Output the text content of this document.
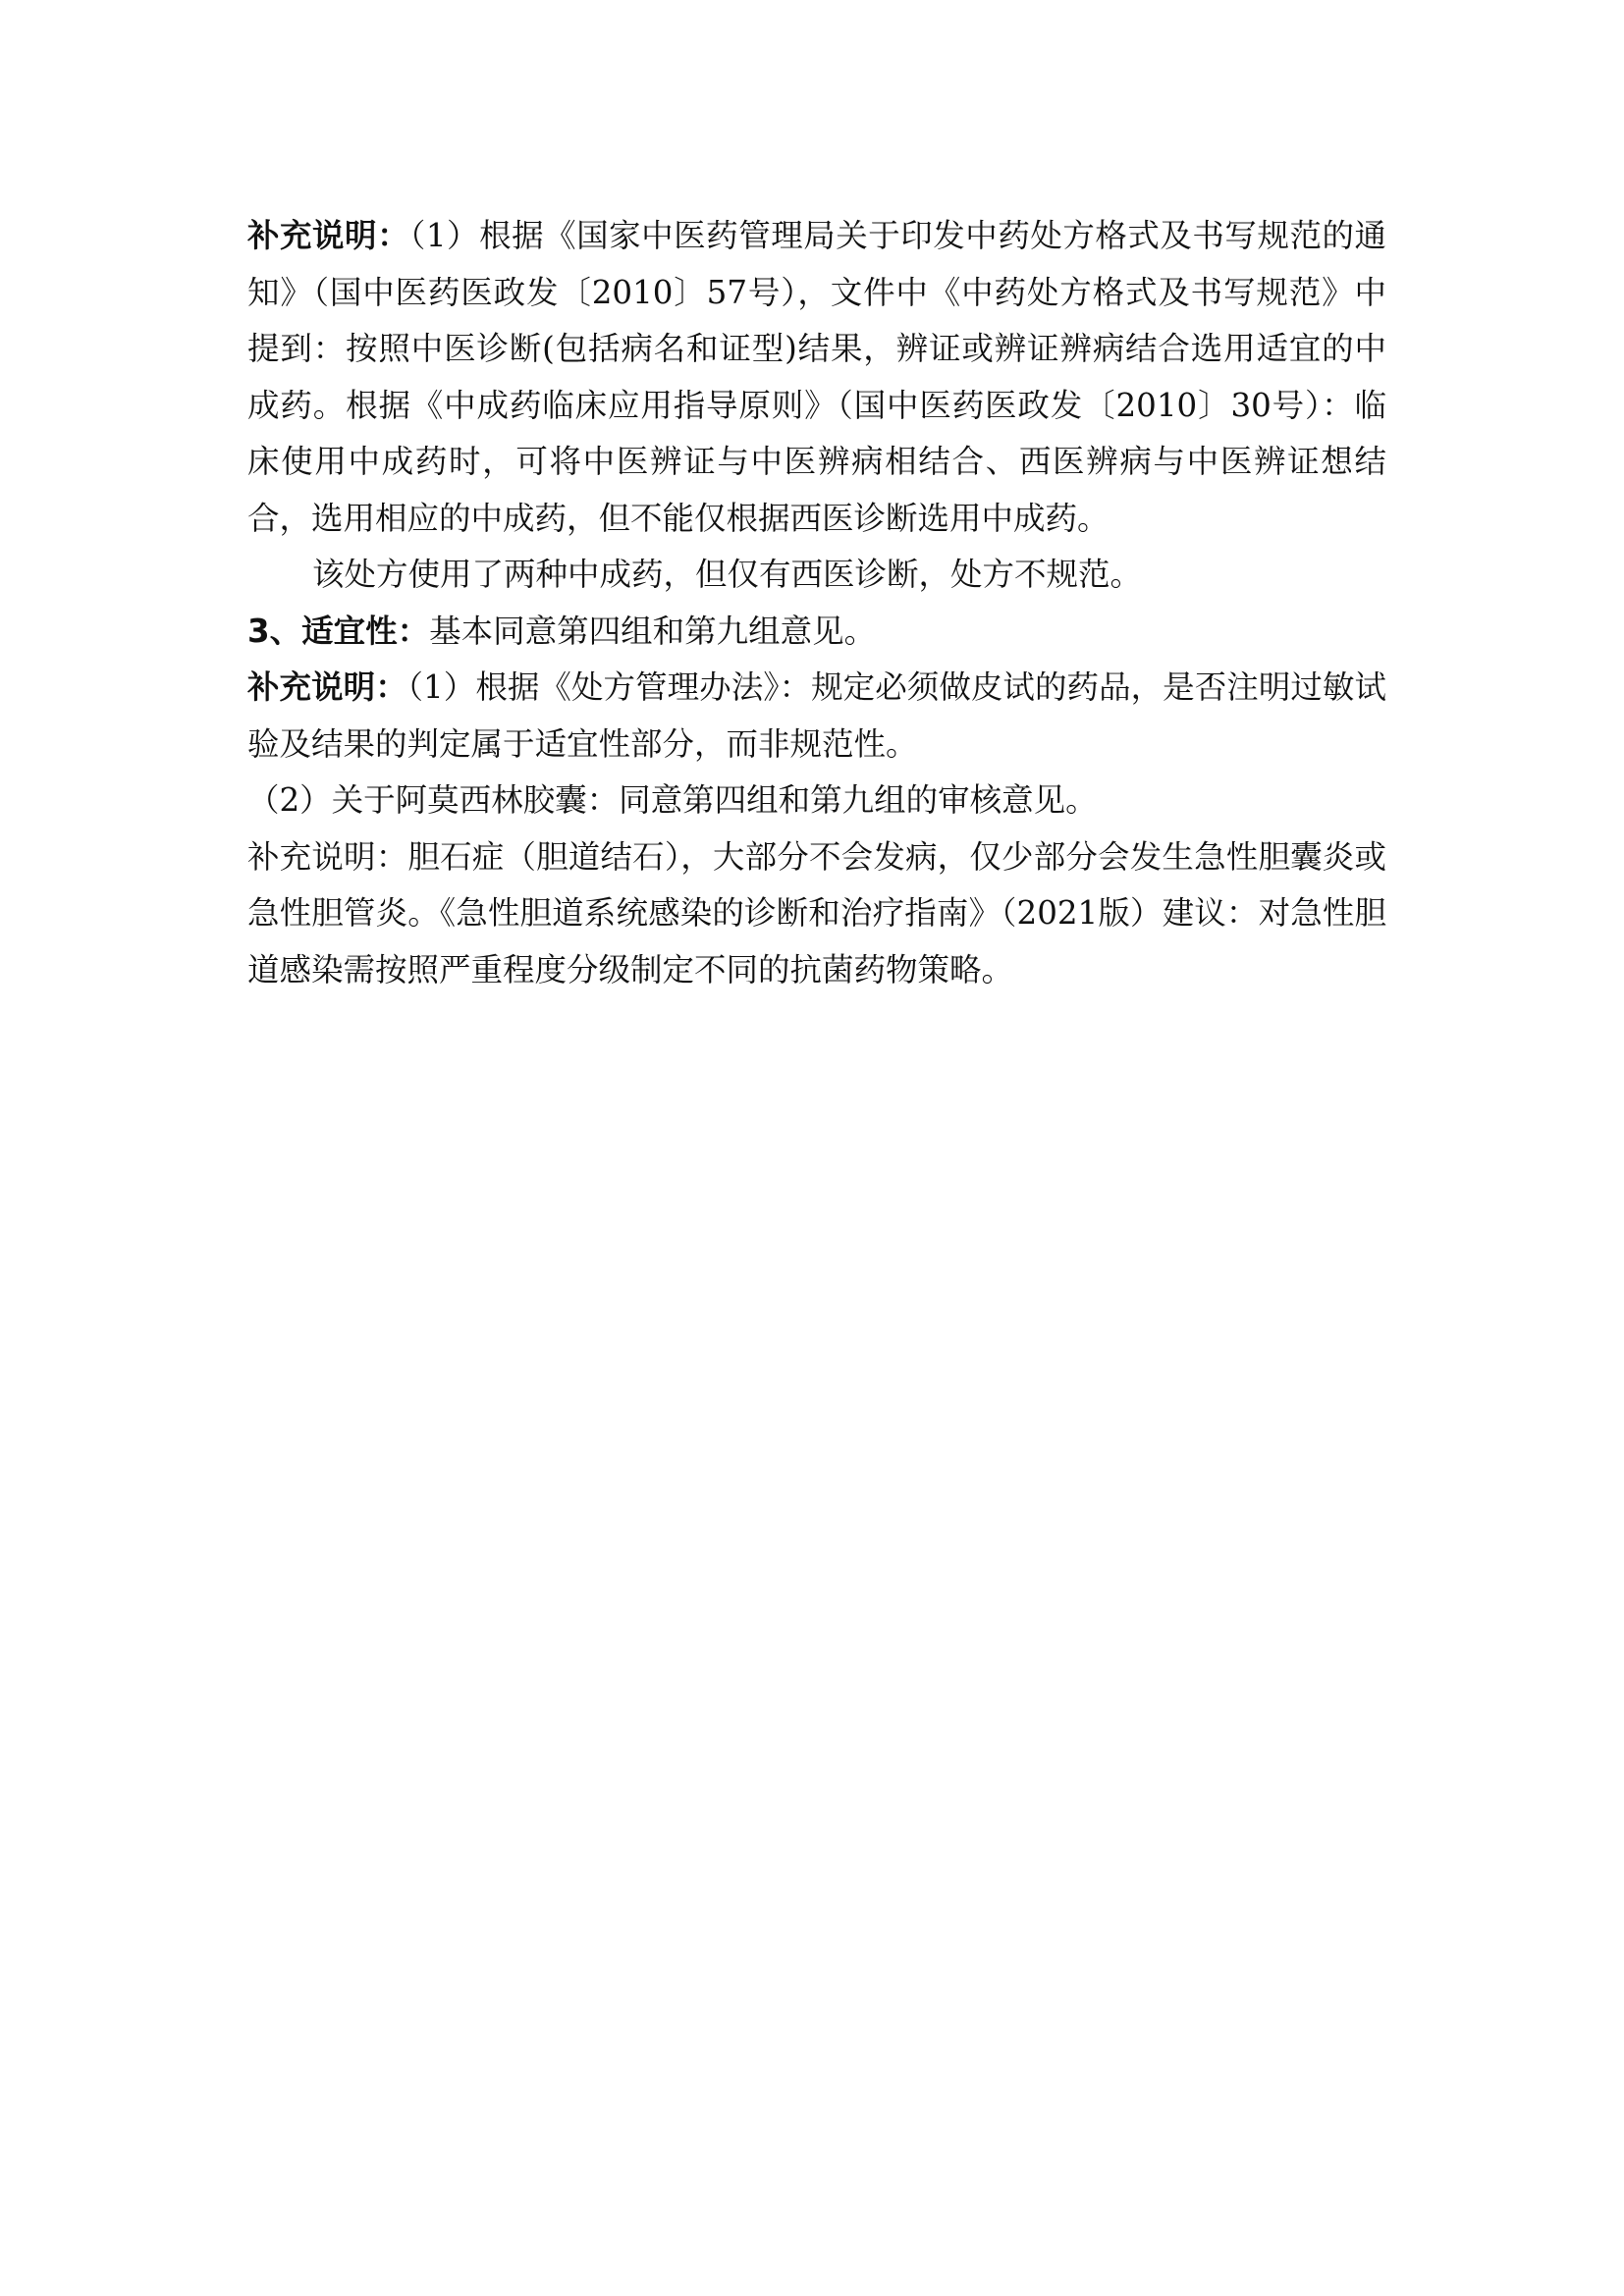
补充说明：（1）根据《国家中医药管理局关于印发中药处方格式及书写规范的通知》（国中医药医政发〔2010〕57号），文件中《中药处方格式及书写规范》中提到：按照中医诊断(包括病名和证型)结果，辨证或辨证辨病结合选用适宜的中成药。根据《中成药临床应用指导原则》（国中医药医政发〔2010〕30号）：临床使用中成药时，可将中医辨证与中医辨病相结合、西医辨病与中医辨证想结合，选用相应的中成药，但不能仅根据西医诊断选用中成药。

该处方使用了两种中成药，但仅有西医诊断，处方不规范。

3、适宜性：基本同意第四组和第九组意见。

补充说明：（1）根据《处方管理办法》：规定必须做皮试的药品，是否注明过敏试验及结果的判定属于适宜性部分，而非规范性。

（2）关于阿莫西林胶囊：同意第四组和第九组的审核意见。

补充说明：胆石症（胆道结石），大部分不会发病，仅少部分会发生急性胆囊炎或急性胆管炎。《急性胆道系统感染的诊断和治疗指南》（2021版）建议：对急性胆道感染需按照严重程度分级制定不同的抗菌药物策略。
